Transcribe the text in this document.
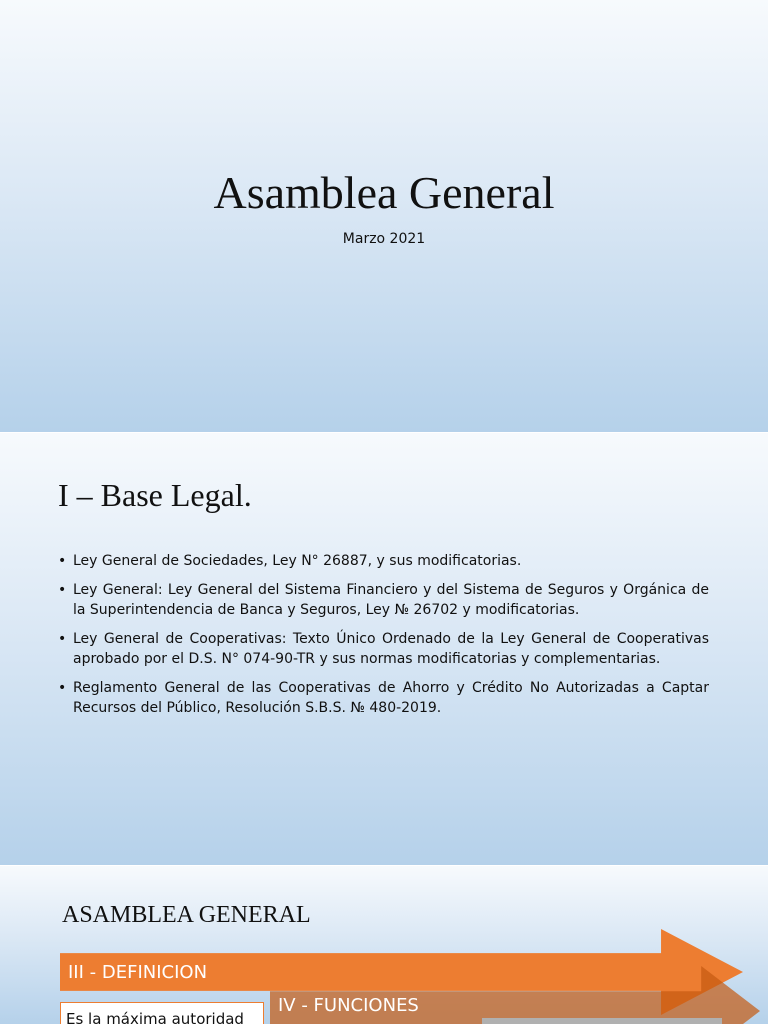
Asamblea General
Marzo 2021
I – Base Legal.
• Ley General de Sociedades, Ley N° 26887, y sus modificatorias.
• Ley General: Ley General del Sistema Financiero y del Sistema de Seguros y Orgánica de la Superintendencia de Banca y Seguros, Ley № 26702 y modificatorias.
• Ley General de Cooperativas: Texto Único Ordenado de la Ley General de Cooperativas aprobado por el D.S. N° 074-90-TR y sus normas modificatorias y complementarias.
• Reglamento General de las Cooperativas de Ahorro y Crédito No Autorizadas a Captar Recursos del Público, Resolución S.B.S. № 480-2019.
ASAMBLEA GENERAL
III - DEFINICION
Es la máxima autoridad
IV - FUNCIONES
